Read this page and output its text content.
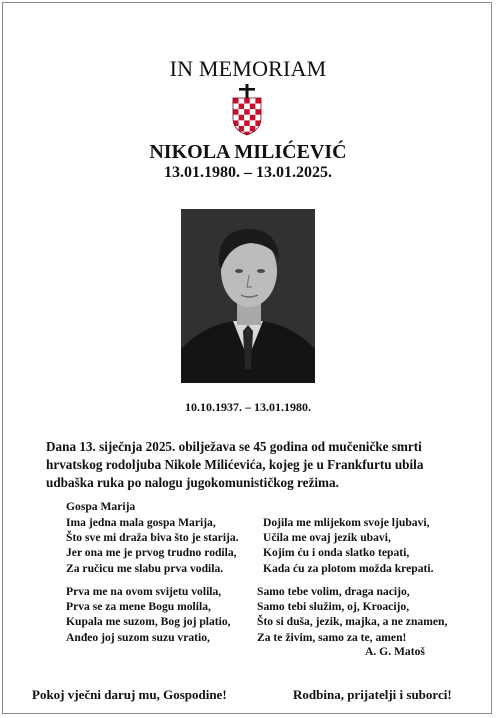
IN MEMORIAM
NIKOLA MILIĆEVIĆ
13.01.1980. – 13.01.2025.
10.10.1937. – 13.01.1980.
Dana 13. siječnja 2025. obilježava se 45 godina od mučeničke smrti hrvatskog rodoljuba Nikole Milićevića, kojeg je u Frankfurtu ubila udbaška ruka po nalogu jugokomunističkog režima.
Gospa Marija
Ima jedna mala gospa Marija,
Što sve mi draža biva što je starija.
Jer ona me je prvog trudno rodila,
Za ručicu me slabu prva vodila.
Dojila me mlijekom svoje ljubavi,
Učila me ovaj jezik ubavi,
Kojim ću i onda slatko tepati,
Kada ću za plotom možda krepati.
Prva me na ovom svijetu volila,
Prva se za mene Bogu molila,
Kupala me suzom, Bog joj platio,
Anđeo joj suzom suzu vratio,
Samo tebe volim, draga nacijo,
Samo tebi služim, oj, Kroacijo,
Što si duša, jezik, majka, a ne znamen,
Za te živim, samo za te, amen!
A. G. Matoš
Pokoj vječni daruj mu, Gospodine!	Rodbina, prijatelji i suborci!
